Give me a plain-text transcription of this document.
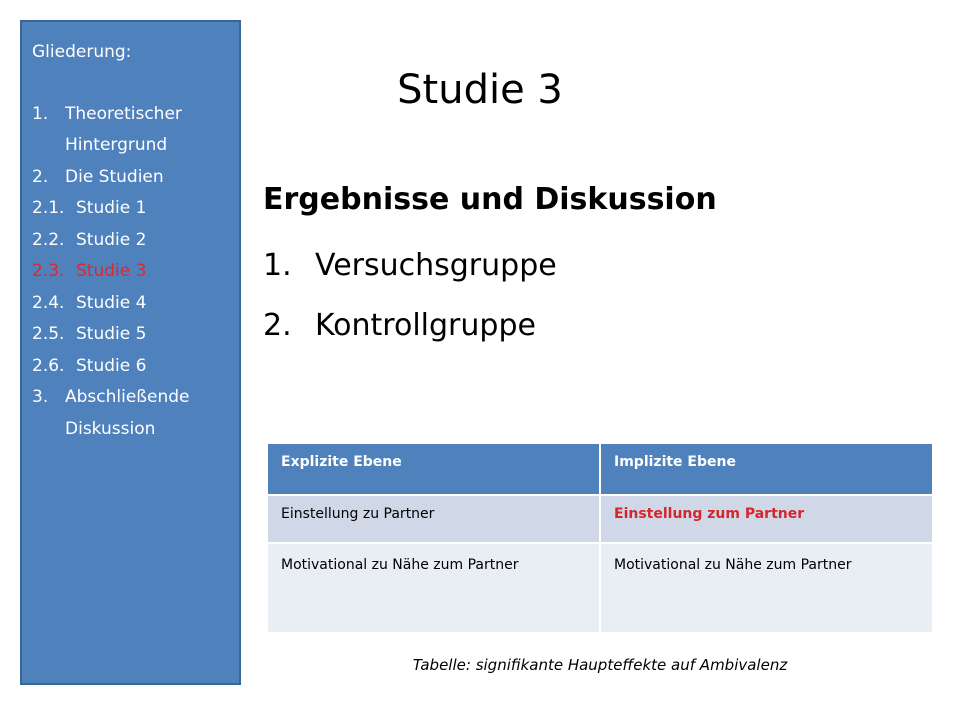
Gliederung:
1. Theoretischer
Hintergrund
2. Die Studien
2.1. Studie 1
2.2. Studie 2
2.3. Studie 3
2.4. Studie 4
2.5. Studie 5
2.6. Studie 6
3. Abschließende
Diskussion
Studie 3
Ergebnisse und Diskussion
1. Versuchsgruppe
2. Kontrollgruppe
Explizite Ebene	Implizite Ebene
Einstellung zu Partner	Einstellung zum Partner
Motivational zu Nähe zum Partner	Motivational zu Nähe zum Partner
Tabelle: signifikante Haupteffekte auf Ambivalenz
